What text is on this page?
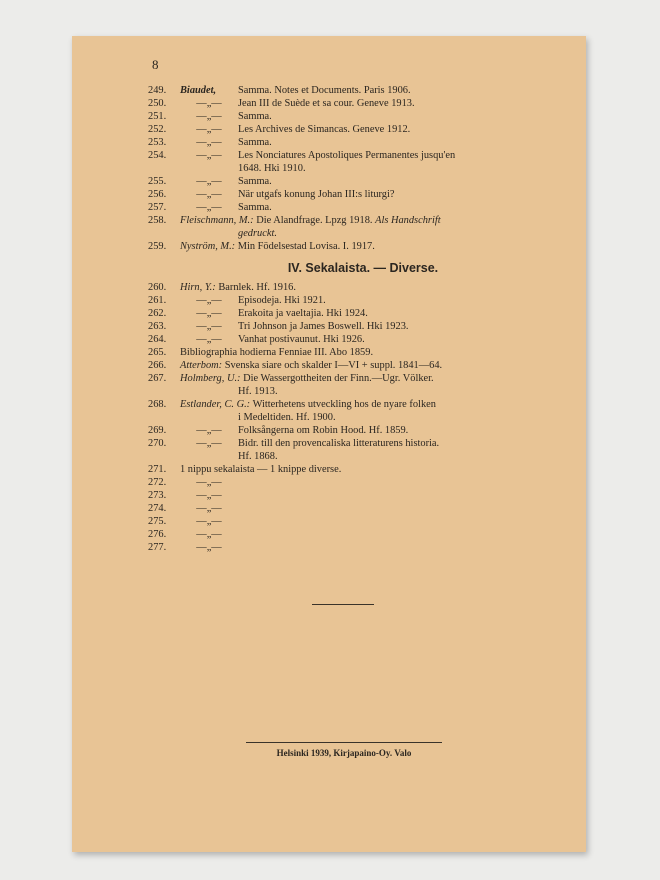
8
249.	Biaudet,	Samma. Notes et Documents. Paris 1906.
250.	—„—	Jean III de Suède et sa cour. Geneve 1913.
251.	—„—	Samma.
252.	—„—	Les Archives de Simancas. Geneve 1912.
253.	—„—	Samma.
254.	—„—	Les Nonciatures Apostoliques Permanentes jusqu'en
1648. Hki 1910.
255.	—„—	Samma.
256.	—„—	När utgafs konung Johan III:s liturgi?
257.	—„—	Samma.
258.	Fleischmann, M.: Die Alandfrage. Lpzg 1918. Als Handschrift
gedruckt.
259.	Nyström, M.: Min Födelsestad Lovisa. I. 1917.
IV. Sekalaista. — Diverse.
260.	Hirn, Y.: Barnlek. Hf. 1916.
261.	—„—	Episodeja. Hki 1921.
262.	—„—	Erakoita ja vaeltajia. Hki 1924.
263.	—„—	Tri Johnson ja James Boswell. Hki 1923.
264.	—„—	Vanhat postivaunut. Hki 1926.
265.	Bibliographia hodierna Fenniae III. Abo 1859.
266.	Atterbom: Svenska siare och skalder I—VI + suppl. 1841—64.
267.	Holmberg, U.: Die Wassergottheiten der Finn.—Ugr. Völker.
Hf. 1913.
268.	Estlander, C. G.: Witterhetens utveckling hos de nyare folken
i Medeltiden. Hf. 1900.
269.	—„—	Folksångerna om Robin Hood. Hf. 1859.
270.	—„—	Bidr. till den provencaliska litteraturens historia.
Hf. 1868.
271.	1 nippu sekalaista — 1 knippe diverse.
272.	—„—
273.	—„—
274.	—„—
275.	—„—
276.	—„—
277.	—„—
Helsinki 1939, Kirjapaino-Oy. Valo
